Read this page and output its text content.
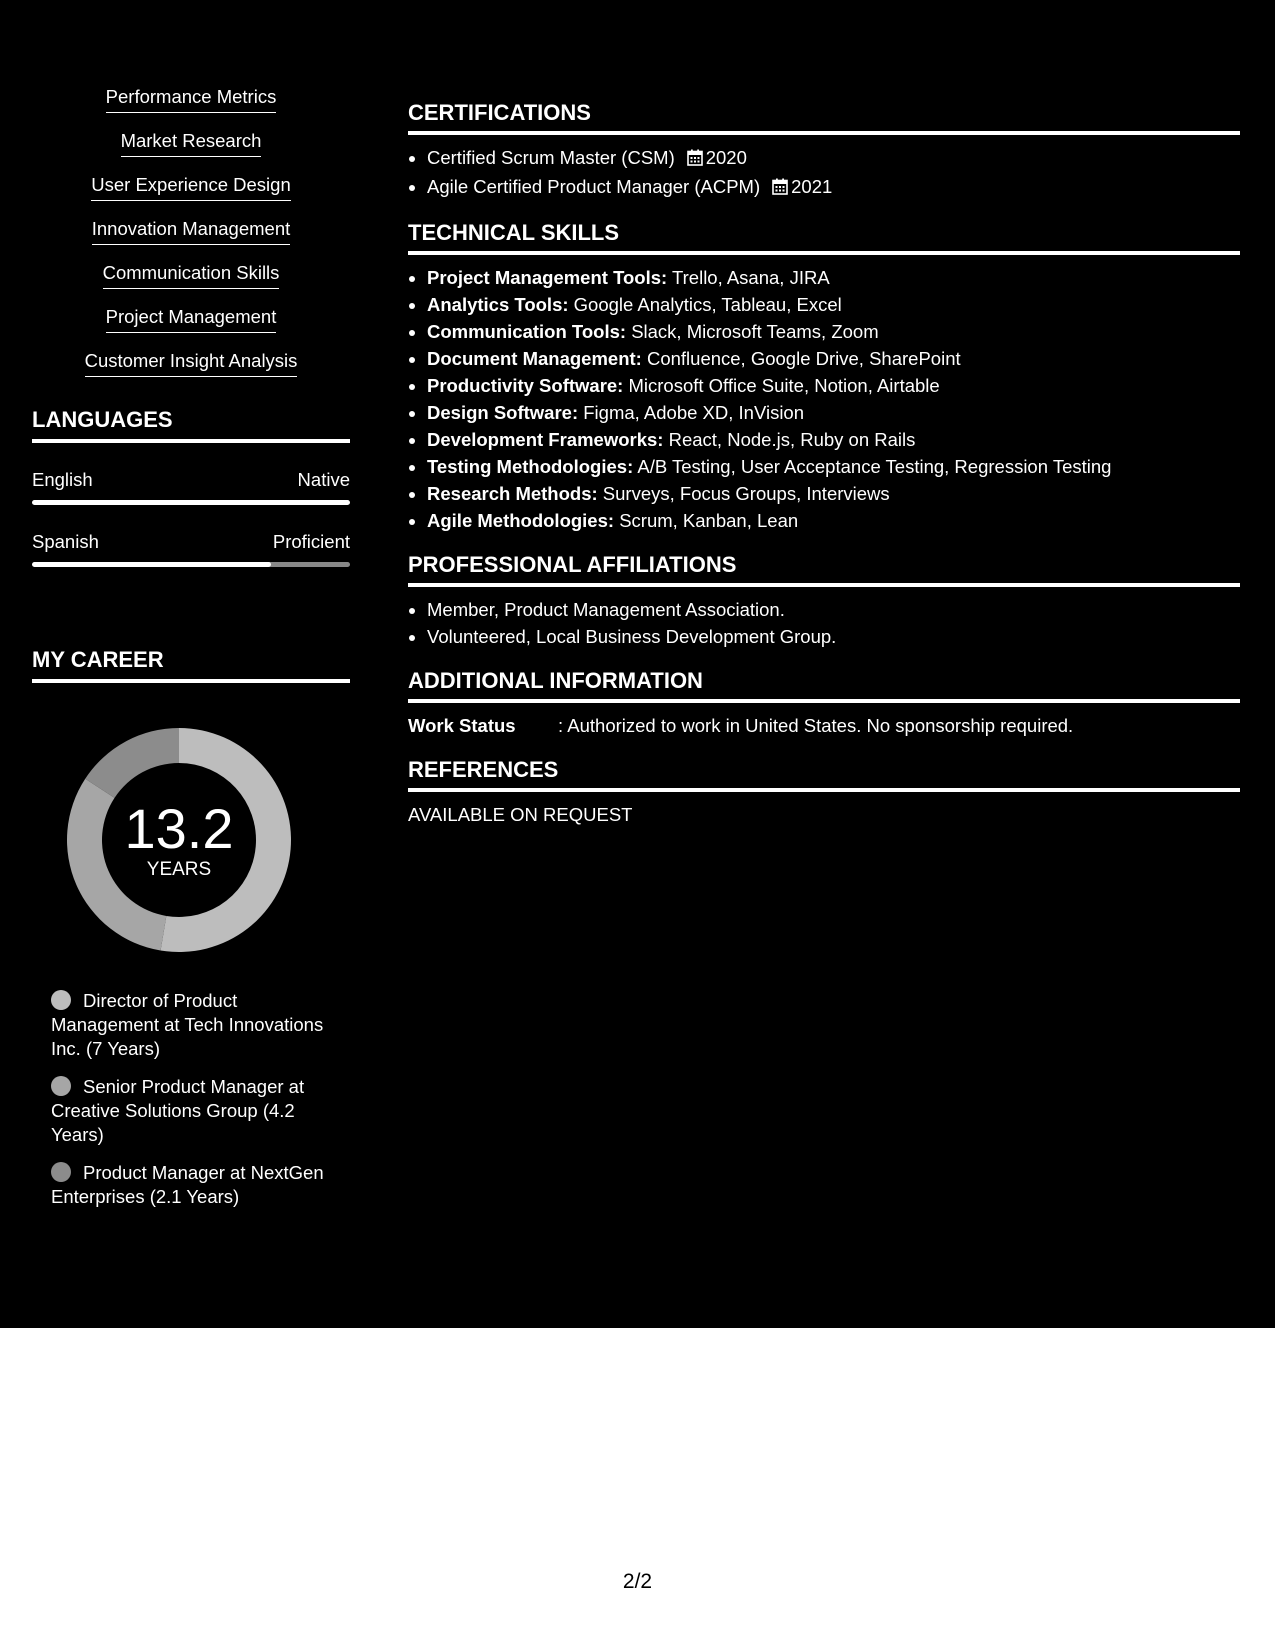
Performance Metrics
Market Research
User Experience Design
Innovation Management
Communication Skills
Project Management
Customer Insight Analysis
LANGUAGES
English	Native
Spanish	Proficient
MY CAREER
13.2
YEARS
Director of Product Management at Tech Innovations Inc. (7 Years)
Senior Product Manager at Creative Solutions Group (4.2 Years)
Product Manager at NextGen Enterprises (2.1 Years)
CERTIFICATIONS
• Certified Scrum Master (CSM) 2020
• Agile Certified Product Manager (ACPM) 2021
TECHNICAL SKILLS
• Project Management Tools: Trello, Asana, JIRA
• Analytics Tools: Google Analytics, Tableau, Excel
• Communication Tools: Slack, Microsoft Teams, Zoom
• Document Management: Confluence, Google Drive, SharePoint
• Productivity Software: Microsoft Office Suite, Notion, Airtable
• Design Software: Figma, Adobe XD, InVision
• Development Frameworks: React, Node.js, Ruby on Rails
• Testing Methodologies: A/B Testing, User Acceptance Testing, Regression Testing
• Research Methods: Surveys, Focus Groups, Interviews
• Agile Methodologies: Scrum, Kanban, Lean
PROFESSIONAL AFFILIATIONS
• Member, Product Management Association.
• Volunteered, Local Business Development Group.
ADDITIONAL INFORMATION
Work Status	: Authorized to work in United States. No sponsorship required.
REFERENCES
AVAILABLE ON REQUEST
2/2
